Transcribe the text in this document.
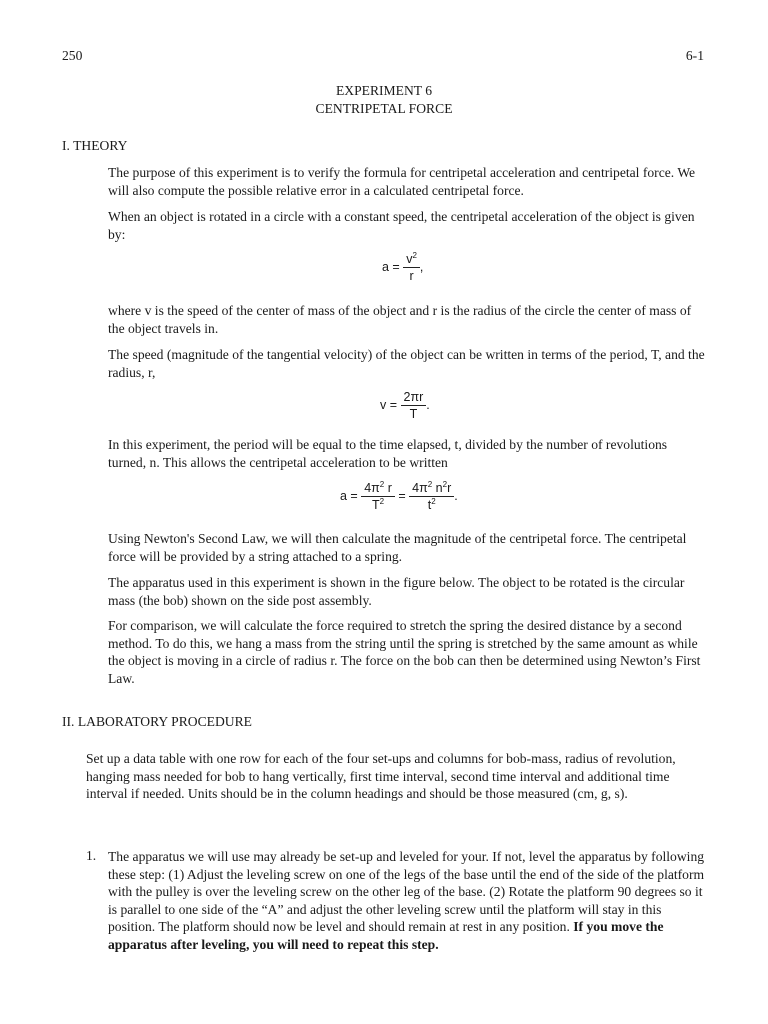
250	6-1
EXPERIMENT 6
CENTRIPETAL FORCE
I. THEORY
The purpose of this experiment is to verify the formula for centripetal acceleration and centripetal force. We will also compute the possible relative error in a calculated centripetal force.
When an object is rotated in a circle with a constant speed, the centripetal acceleration of the object is given by:
$a = \frac{v^2}{r}$ ,
where v is the speed of the center of mass of the object and r is the radius of the circle the center of mass of the object travels in.
The speed (magnitude of the tangential velocity) of the object can be written in terms of the period, T, and the radius, r,
$v = \frac{2\pi r}{T}$ .
In this experiment, the period will be equal to the time elapsed, t, divided by the number of revolutions turned, n. This allows the centripetal acceleration to be written
$a = \frac{4\pi^2 r}{T^2} = \frac{4\pi^2 n^2r}{t^2}$ .
Using Newton's Second Law, we will then calculate the magnitude of the centripetal force. The centripetal force will be provided by a string attached to a spring.
The apparatus used in this experiment is shown in the figure below. The object to be rotated is the circular mass (the bob) shown on the side post assembly.
For comparison, we will calculate the force required to stretch the spring the desired distance by a second method. To do this, we hang a mass from the string until the spring is stretched by the same amount as while the object is moving in a circle of radius r. The force on the bob can then be determined using Newton’s First Law.
II. LABORATORY PROCEDURE
Set up a data table with one row for each of the four set-ups and columns for bob-mass, radius of revolution, hanging mass needed for bob to hang vertically, first time interval, second time interval and additional time interval if needed. Units should be in the column headings and should be those measured (cm, g, s).
1. The apparatus we will use may already be set-up and leveled for your. If not, level the apparatus by following these step: (1) Adjust the leveling screw on one of the legs of the base until the end of the side of the platform with the pulley is over the leveling screw on the other leg of the base. (2) Rotate the platform 90 degrees so it is parallel to one side of the “A” and adjust the other leveling screw until the platform will stay in this position. The platform should now be level and should remain at rest in any position. If you move the apparatus after leveling, you will need to repeat this step.
